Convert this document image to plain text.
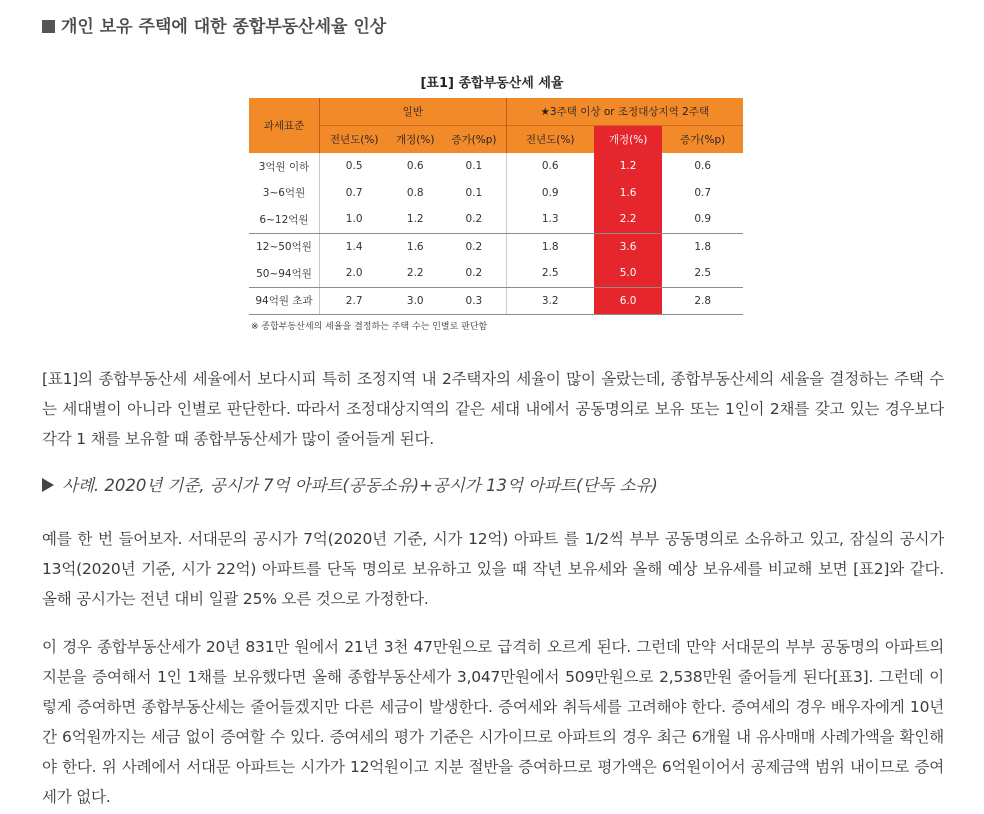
개인 보유 주택에 대한 종합부동산세율 인상
[표1] 종합부동산세 세율
과세표준	일반			★3주택 이상 or 조정대상지역 2주택		
	전년도(%)	개정(%)	증가(%p)	전년도(%)	개정(%)	증가(%p)
3억원 이하	0.5	0.6	0.1	0.6	1.2	0.6
3~6억원	0.7	0.8	0.1	0.9	1.6	0.7
6~12억원	1.0	1.2	0.2	1.3	2.2	0.9
12~50억원	1.4	1.6	0.2	1.8	3.6	1.8
50~94억원	2.0	2.2	0.2	2.5	5.0	2.5
94억원 초과	2.7	3.0	0.3	3.2	6.0	2.8
※ 종합부동산세의 세율을 결정하는 주택 수는 인별로 판단함
[표1]의 종합부동산세 세율에서 보다시피 특히 조정지역 내 2주택자의 세율이 많이 올랐는데, 종합부동산세의 세율을 결정하는 주택 수는 세대별이 아니라 인별로 판단한다. 따라서 조정대상지역의 같은 세대 내에서 공동명의로 보유 또는 1인이 2채를 갖고 있는 경우보다 각각 1 채를 보유할 때 종합부동산세가 많이 줄어들게 된다.
사례. 2020년 기준, 공시가 7억 아파트(공동소유)+공시가 13억 아파트(단독 소유)
예를 한 번 들어보자. 서대문의 공시가 7억(2020년 기준, 시가 12억) 아파트 를 1/2씩 부부 공동명의로 소유하고 있고, 잠실의 공시가 13억(2020년 기준, 시가 22억) 아파트를 단독 명의로 보유하고 있을 때 작년 보유세와 올해 예상 보유세를 비교해 보면 [표2]와 같다. 올해 공시가는 전년 대비 일괄 25% 오른 것으로 가정한다.
이 경우 종합부동산세가 20년 831만 원에서 21년 3천 47만원으로 급격히 오르게 된다. 그런데 만약 서대문의 부부 공동명의 아파트의 지분을 증여해서 1인 1채를 보유했다면 올해 종합부동산세가 3,047만원에서 509만원으로 2,538만원 줄어들게 된다[표3]. 그런데 이렇게 증여하면 종합부동산세는 줄어들겠지만 다른 세금이 발생한다. 증여세와 취득세를 고려해야 한다. 증여세의 경우 배우자에게 10년간 6억원까지는 세금 없이 증여할 수 있다. 증여세의 평가 기준은 시가이므로 아파트의 경우 최근 6개월 내 유사매매 사례가액을 확인해야 한다. 위 사례에서 서대문 아파트는 시가가 12억원이고 지분 절반을 증여하므로 평가액은 6억원이어서 공제금액 범위 내이므로 증여세가 없다.
